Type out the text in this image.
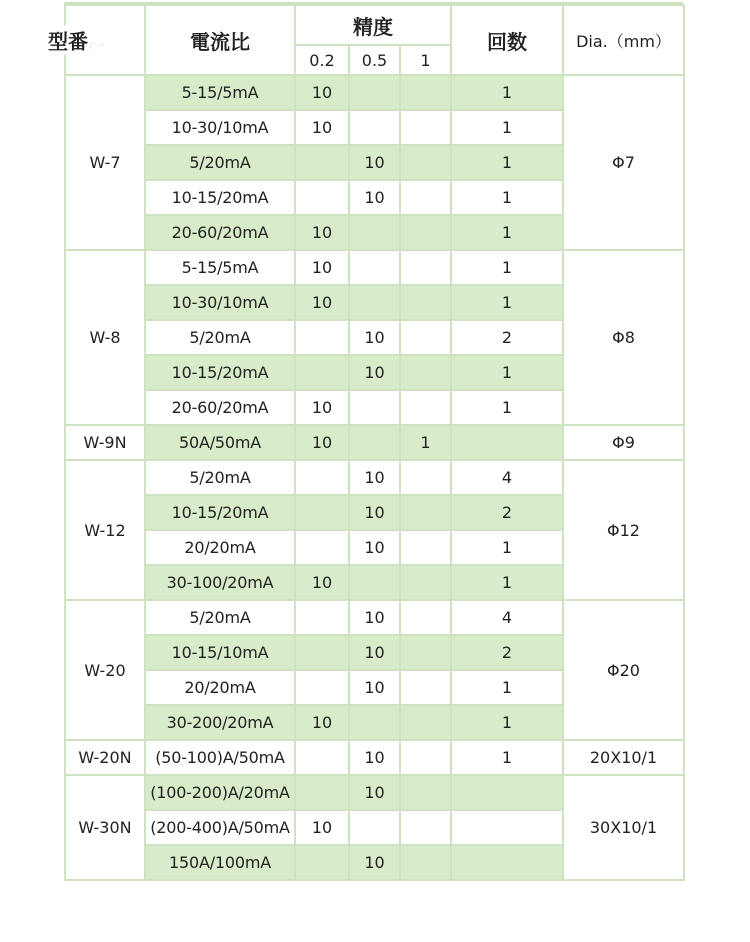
型番ㄏㄧ	電流比	精度			回数	Dia.（mm）
		0.2	0.5	1		
W-7	5-15/5mA	10			1	Φ7
	10-30/10mA	10			1	
	5/20mA		10		1	
	10-15/20mA		10		1	
	20-60/20mA	10			1	
W-8	5-15/5mA	10			1	Φ8
	10-30/10mA	10			1	
	5/20mA		10		2	
	10-15/20mA		10		1	
	20-60/20mA	10			1	
W-9N	50A/50mA	10		1		Φ9
W-12	5/20mA		10		4	Φ12
	10-15/20mA		10		2	
	20/20mA		10		1	
	30-100/20mA	10			1	
W-20	5/20mA		10		4	Φ20
	10-15/10mA		10		2	
	20/20mA		10		1	
	30-200/20mA	10			1	
W-20N	(50-100)A/50mA		10		1	20X10/1
W-30N	(100-200)A/20mA		10			30X10/1
	(200-400)A/50mA	10				
	150A/100mA		10			
